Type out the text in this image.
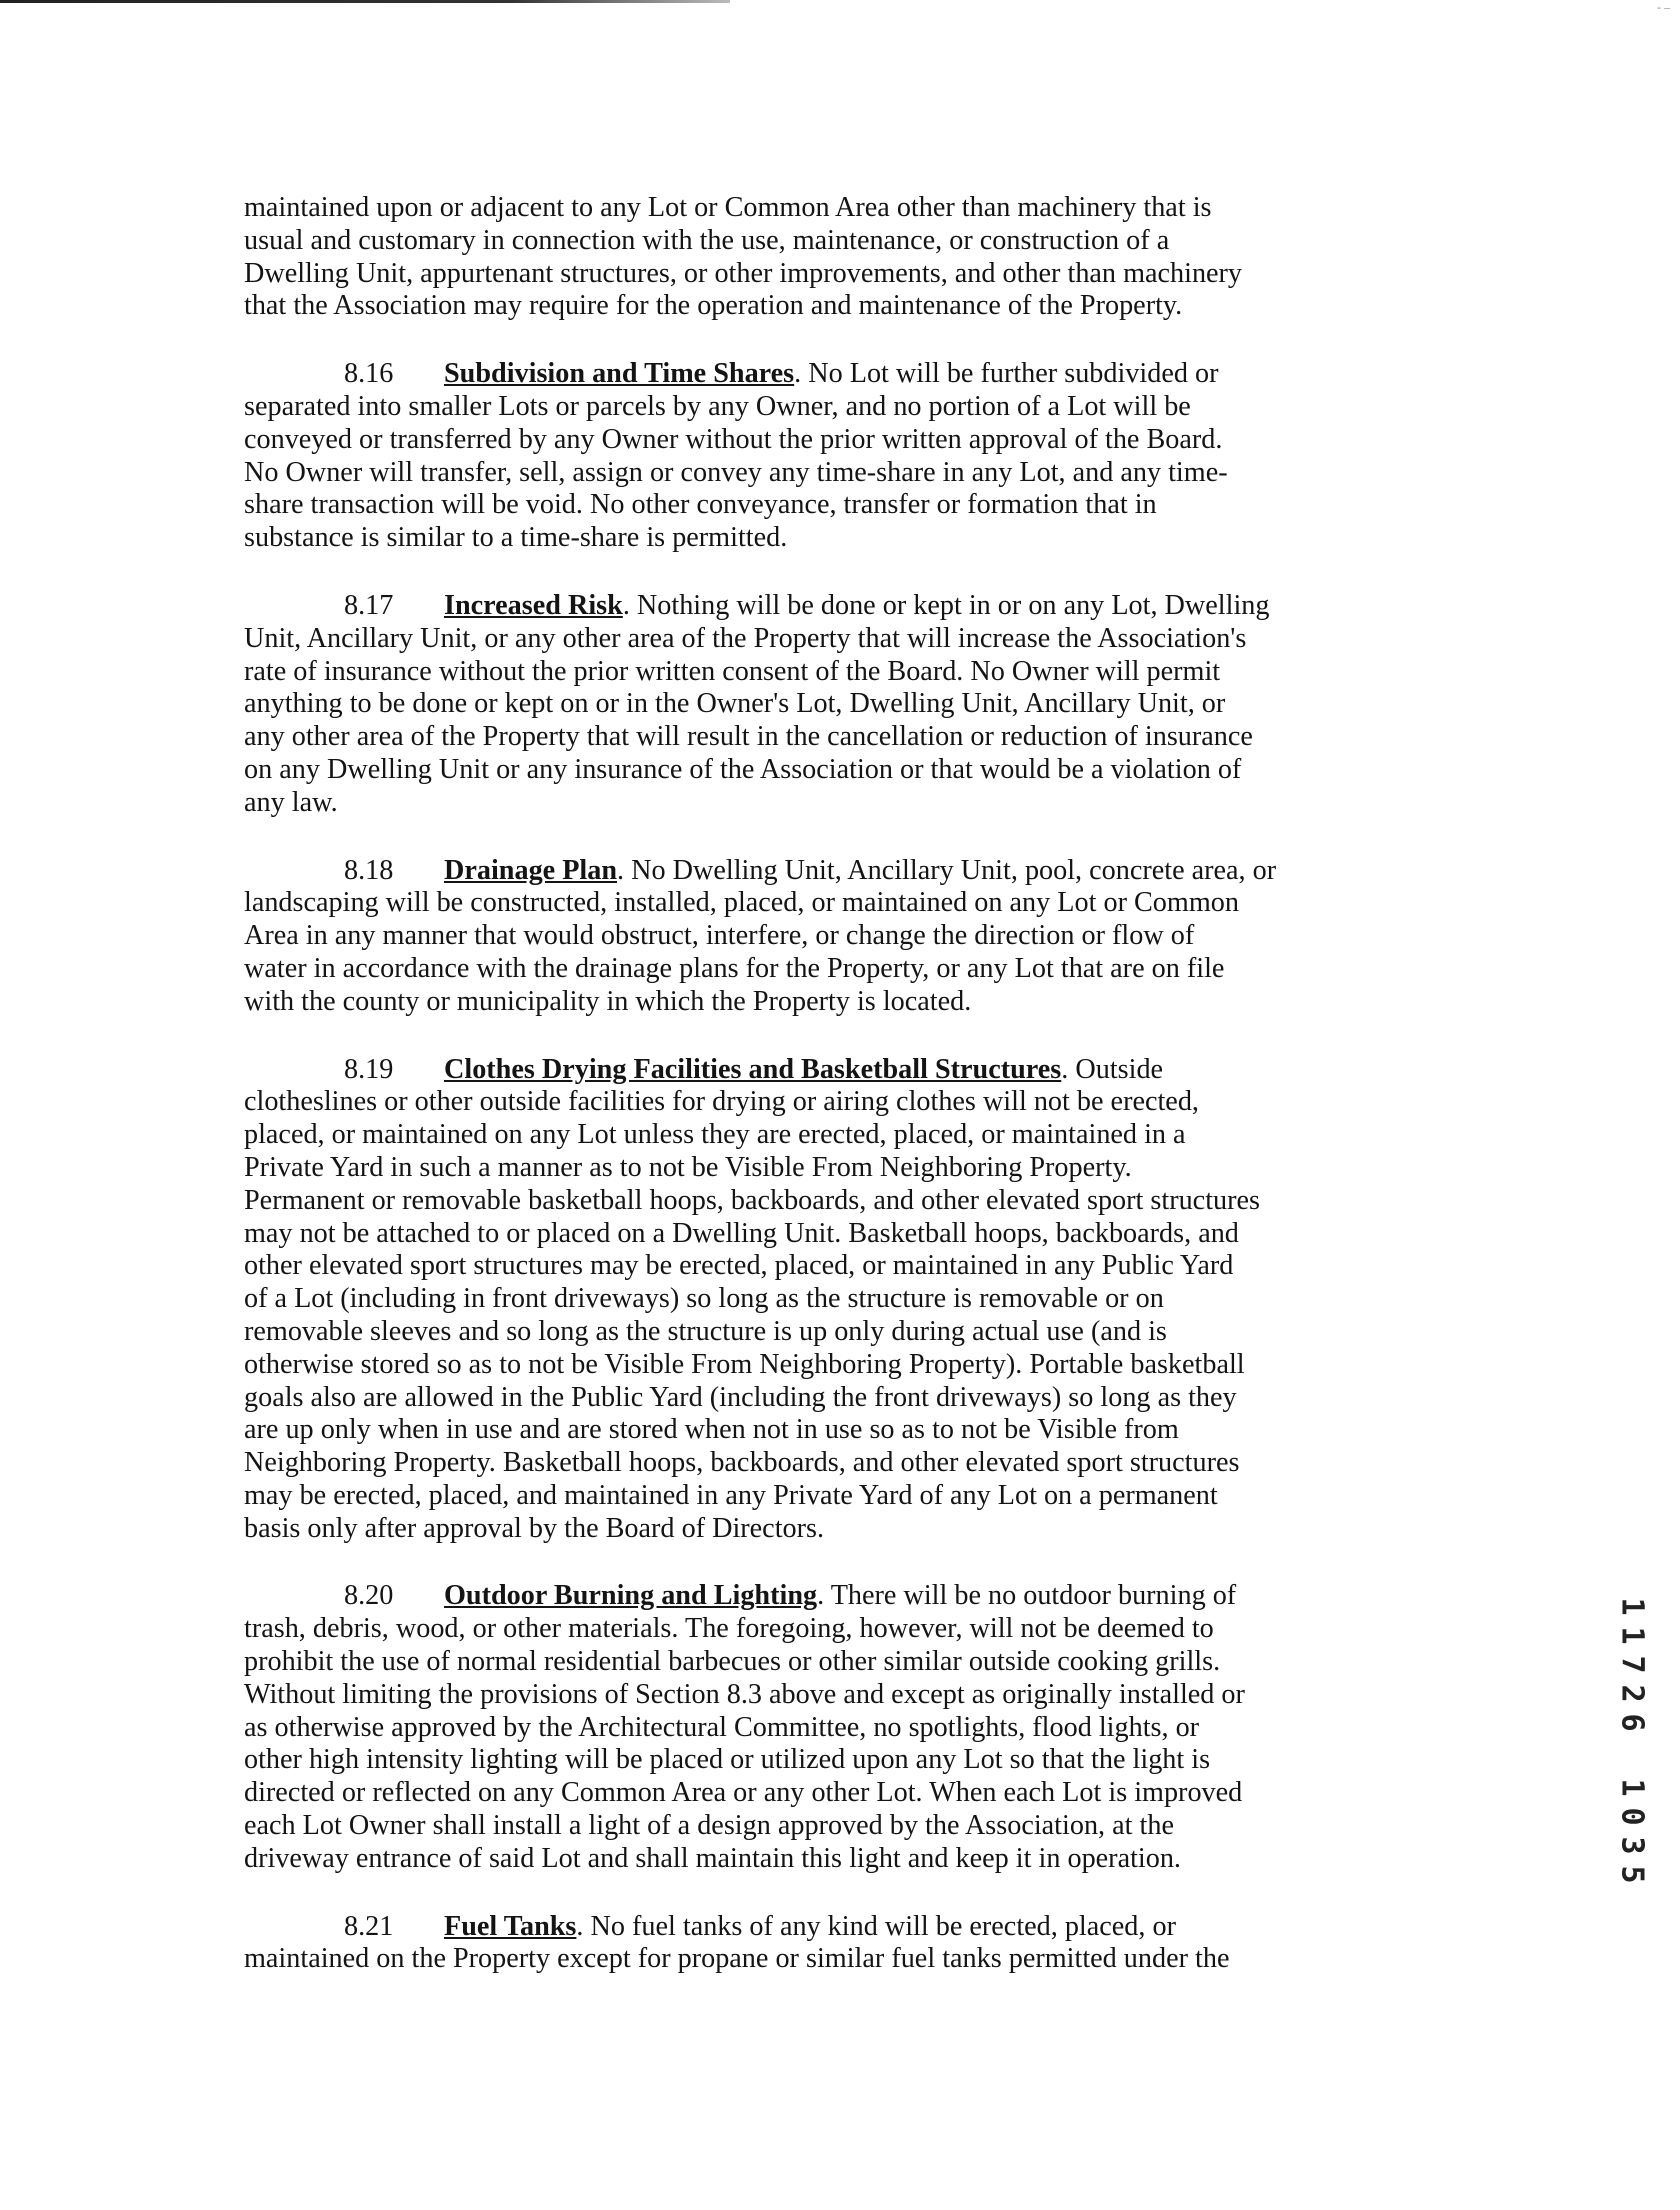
- –
maintained upon or adjacent to any Lot or Common Area other than machinery that is
usual and customary in connection with the use, maintenance, or construction of a
Dwelling Unit, appurtenant structures, or other improvements, and other than machinery
that the Association may require for the operation and maintenance of the Property.
8.16 Subdivision and Time Shares. No Lot will be further subdivided or
separated into smaller Lots or parcels by any Owner, and no portion of a Lot will be
conveyed or transferred by any Owner without the prior written approval of the Board.
No Owner will transfer, sell, assign or convey any time-share in any Lot, and any time-
share transaction will be void. No other conveyance, transfer or formation that in
substance is similar to a time-share is permitted.
8.17 Increased Risk. Nothing will be done or kept in or on any Lot, Dwelling
Unit, Ancillary Unit, or any other area of the Property that will increase the Association's
rate of insurance without the prior written consent of the Board. No Owner will permit
anything to be done or kept on or in the Owner's Lot, Dwelling Unit, Ancillary Unit, or
any other area of the Property that will result in the cancellation or reduction of insurance
on any Dwelling Unit or any insurance of the Association or that would be a violation of
any law.
8.18 Drainage Plan. No Dwelling Unit, Ancillary Unit, pool, concrete area, or
landscaping will be constructed, installed, placed, or maintained on any Lot or Common
Area in any manner that would obstruct, interfere, or change the direction or flow of
water in accordance with the drainage plans for the Property, or any Lot that are on file
with the county or municipality in which the Property is located.
8.19 Clothes Drying Facilities and Basketball Structures. Outside
clotheslines or other outside facilities for drying or airing clothes will not be erected,
placed, or maintained on any Lot unless they are erected, placed, or maintained in a
Private Yard in such a manner as to not be Visible From Neighboring Property.
Permanent or removable basketball hoops, backboards, and other elevated sport structures
may not be attached to or placed on a Dwelling Unit. Basketball hoops, backboards, and
other elevated sport structures may be erected, placed, or maintained in any Public Yard
of a Lot (including in front driveways) so long as the structure is removable or on
removable sleeves and so long as the structure is up only during actual use (and is
otherwise stored so as to not be Visible From Neighboring Property). Portable basketball
goals also are allowed in the Public Yard (including the front driveways) so long as they
are up only when in use and are stored when not in use so as to not be Visible from
Neighboring Property. Basketball hoops, backboards, and other elevated sport structures
may be erected, placed, and maintained in any Private Yard of any Lot on a permanent
basis only after approval by the Board of Directors.
8.20 Outdoor Burning and Lighting. There will be no outdoor burning of
trash, debris, wood, or other materials. The foregoing, however, will not be deemed to
prohibit the use of normal residential barbecues or other similar outside cooking grills.
Without limiting the provisions of Section 8.3 above and except as originally installed or
as otherwise approved by the Architectural Committee, no spotlights, flood lights, or
other high intensity lighting will be placed or utilized upon any Lot so that the light is
directed or reflected on any Common Area or any other Lot. When each Lot is improved
each Lot Owner shall install a light of a design approved by the Association, at the
driveway entrance of said Lot and shall maintain this light and keep it in operation.
8.21 Fuel Tanks. No fuel tanks of any kind will be erected, placed, or
maintained on the Property except for propane or similar fuel tanks permitted under the
1
1
7
2
6
1
0
3
5
